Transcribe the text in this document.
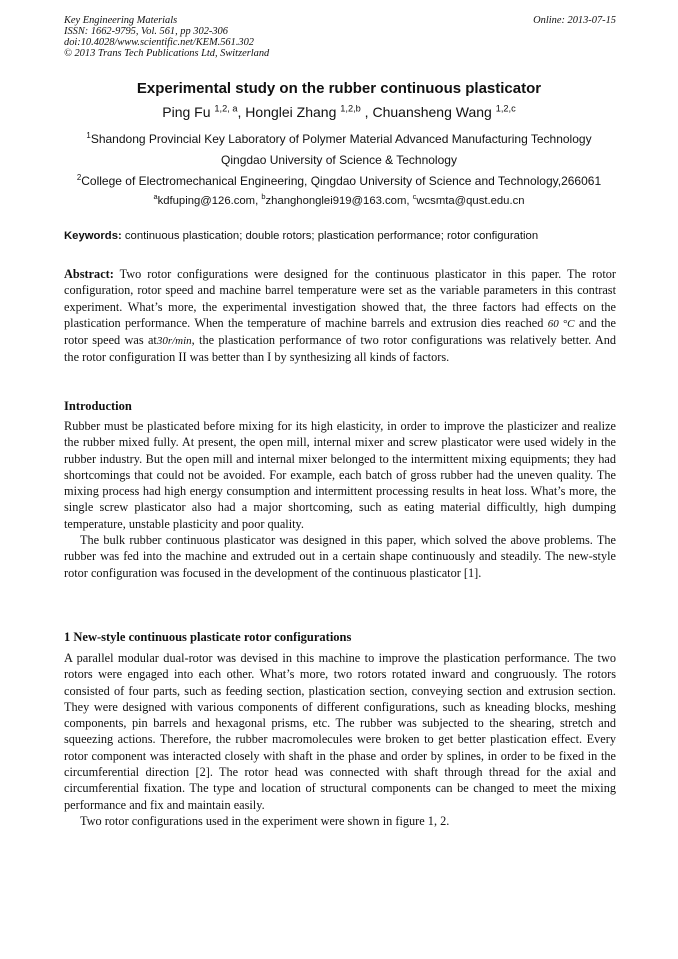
Key Engineering Materials
ISSN: 1662-9795, Vol. 561, pp 302-306
doi:10.4028/www.scientific.net/KEM.561.302
© 2013 Trans Tech Publications Ltd, Switzerland
Online: 2013-07-15
Experimental study on the rubber continuous plasticator
Ping Fu $^{1,2, a}$, Honglei Zhang $^{1,2,b}$ , Chuansheng Wang $^{1,2,c}$
$^1$Shandong Provincial Key Laboratory of Polymer Material Advanced Manufacturing Technology
Qingdao University of Science & Technology
$^2$College of Electromechanical Engineering, Qingdao University of Science and Technology,266061
$^a$kdfuping@126.com, $^b$zhanghonglei919@163.com, $^c$wcsmta@qust.edu.cn
Keywords: continuous plastication; double rotors; plastication performance; rotor configuration

Abstract: Two rotor configurations were designed for the continuous plasticator in this paper. The rotor configuration, rotor speed and machine barrel temperature were set as the variable parameters in this contrast experiment. What’s more, the experimental investigation showed that, the three factors had effects on the plastication performance. When the temperature of machine barrels and extrusion dies reached 60 °C and the rotor speed was at30r/min, the plastication performance of two rotor configurations was relatively better. And the rotor configuration II was better than I by synthesizing all kinds of factors.

Introduction

Rubber must be plasticated before mixing for its high elasticity, in order to improve the plasticizer and realize the rubber mixed fully. At present, the open mill, internal mixer and screw plasticator were used widely in the rubber industry. But the open mill and internal mixer belonged to the intermittent mixing equipments; they had shortcomings that could not be avoided. For example, each batch of gross rubber had the uneven quality. The mixing process had high energy consumption and intermittent processing results in heat loss. What’s more, the single screw plasticator also had a major shortcoming, such as eating material difficultly, high dumping temperature, unstable plasticity and poor quality.

The bulk rubber continuous plasticator was designed in this paper, which solved the above problems. The rubber was fed into the machine and extruded out in a certain shape continuously and steadily. The new-style rotor configuration was focused in the development of the continuous plasticator [1].

1 New-style continuous plasticate rotor configurations

A parallel modular dual-rotor was devised in this machine to improve the plastication performance. The two rotors were engaged into each other. What’s more, two rotors rotated inward and congruously. The rotors consisted of four parts, such as feeding section, plastication section, conveying section and extrusion section. They were designed with various components of different configurations, such as kneading blocks, meshing components, pin barrels and hexagonal prisms, etc. The rubber was subjected to the shearing, stretch and squeezing actions. Therefore, the rubber macromolecules were broken to get better plastication effect. Every rotor component was interacted closely with shaft in the phase and order by splines, in order to be fixed in the circumferential direction [2]. The rotor head was connected with shaft through thread for the axial and circumferential fixation. The type and location of structural components can be changed to meet the mixing performance and fix and maintain easily.

Two rotor configurations used in the experiment were shown in figure 1, 2.
